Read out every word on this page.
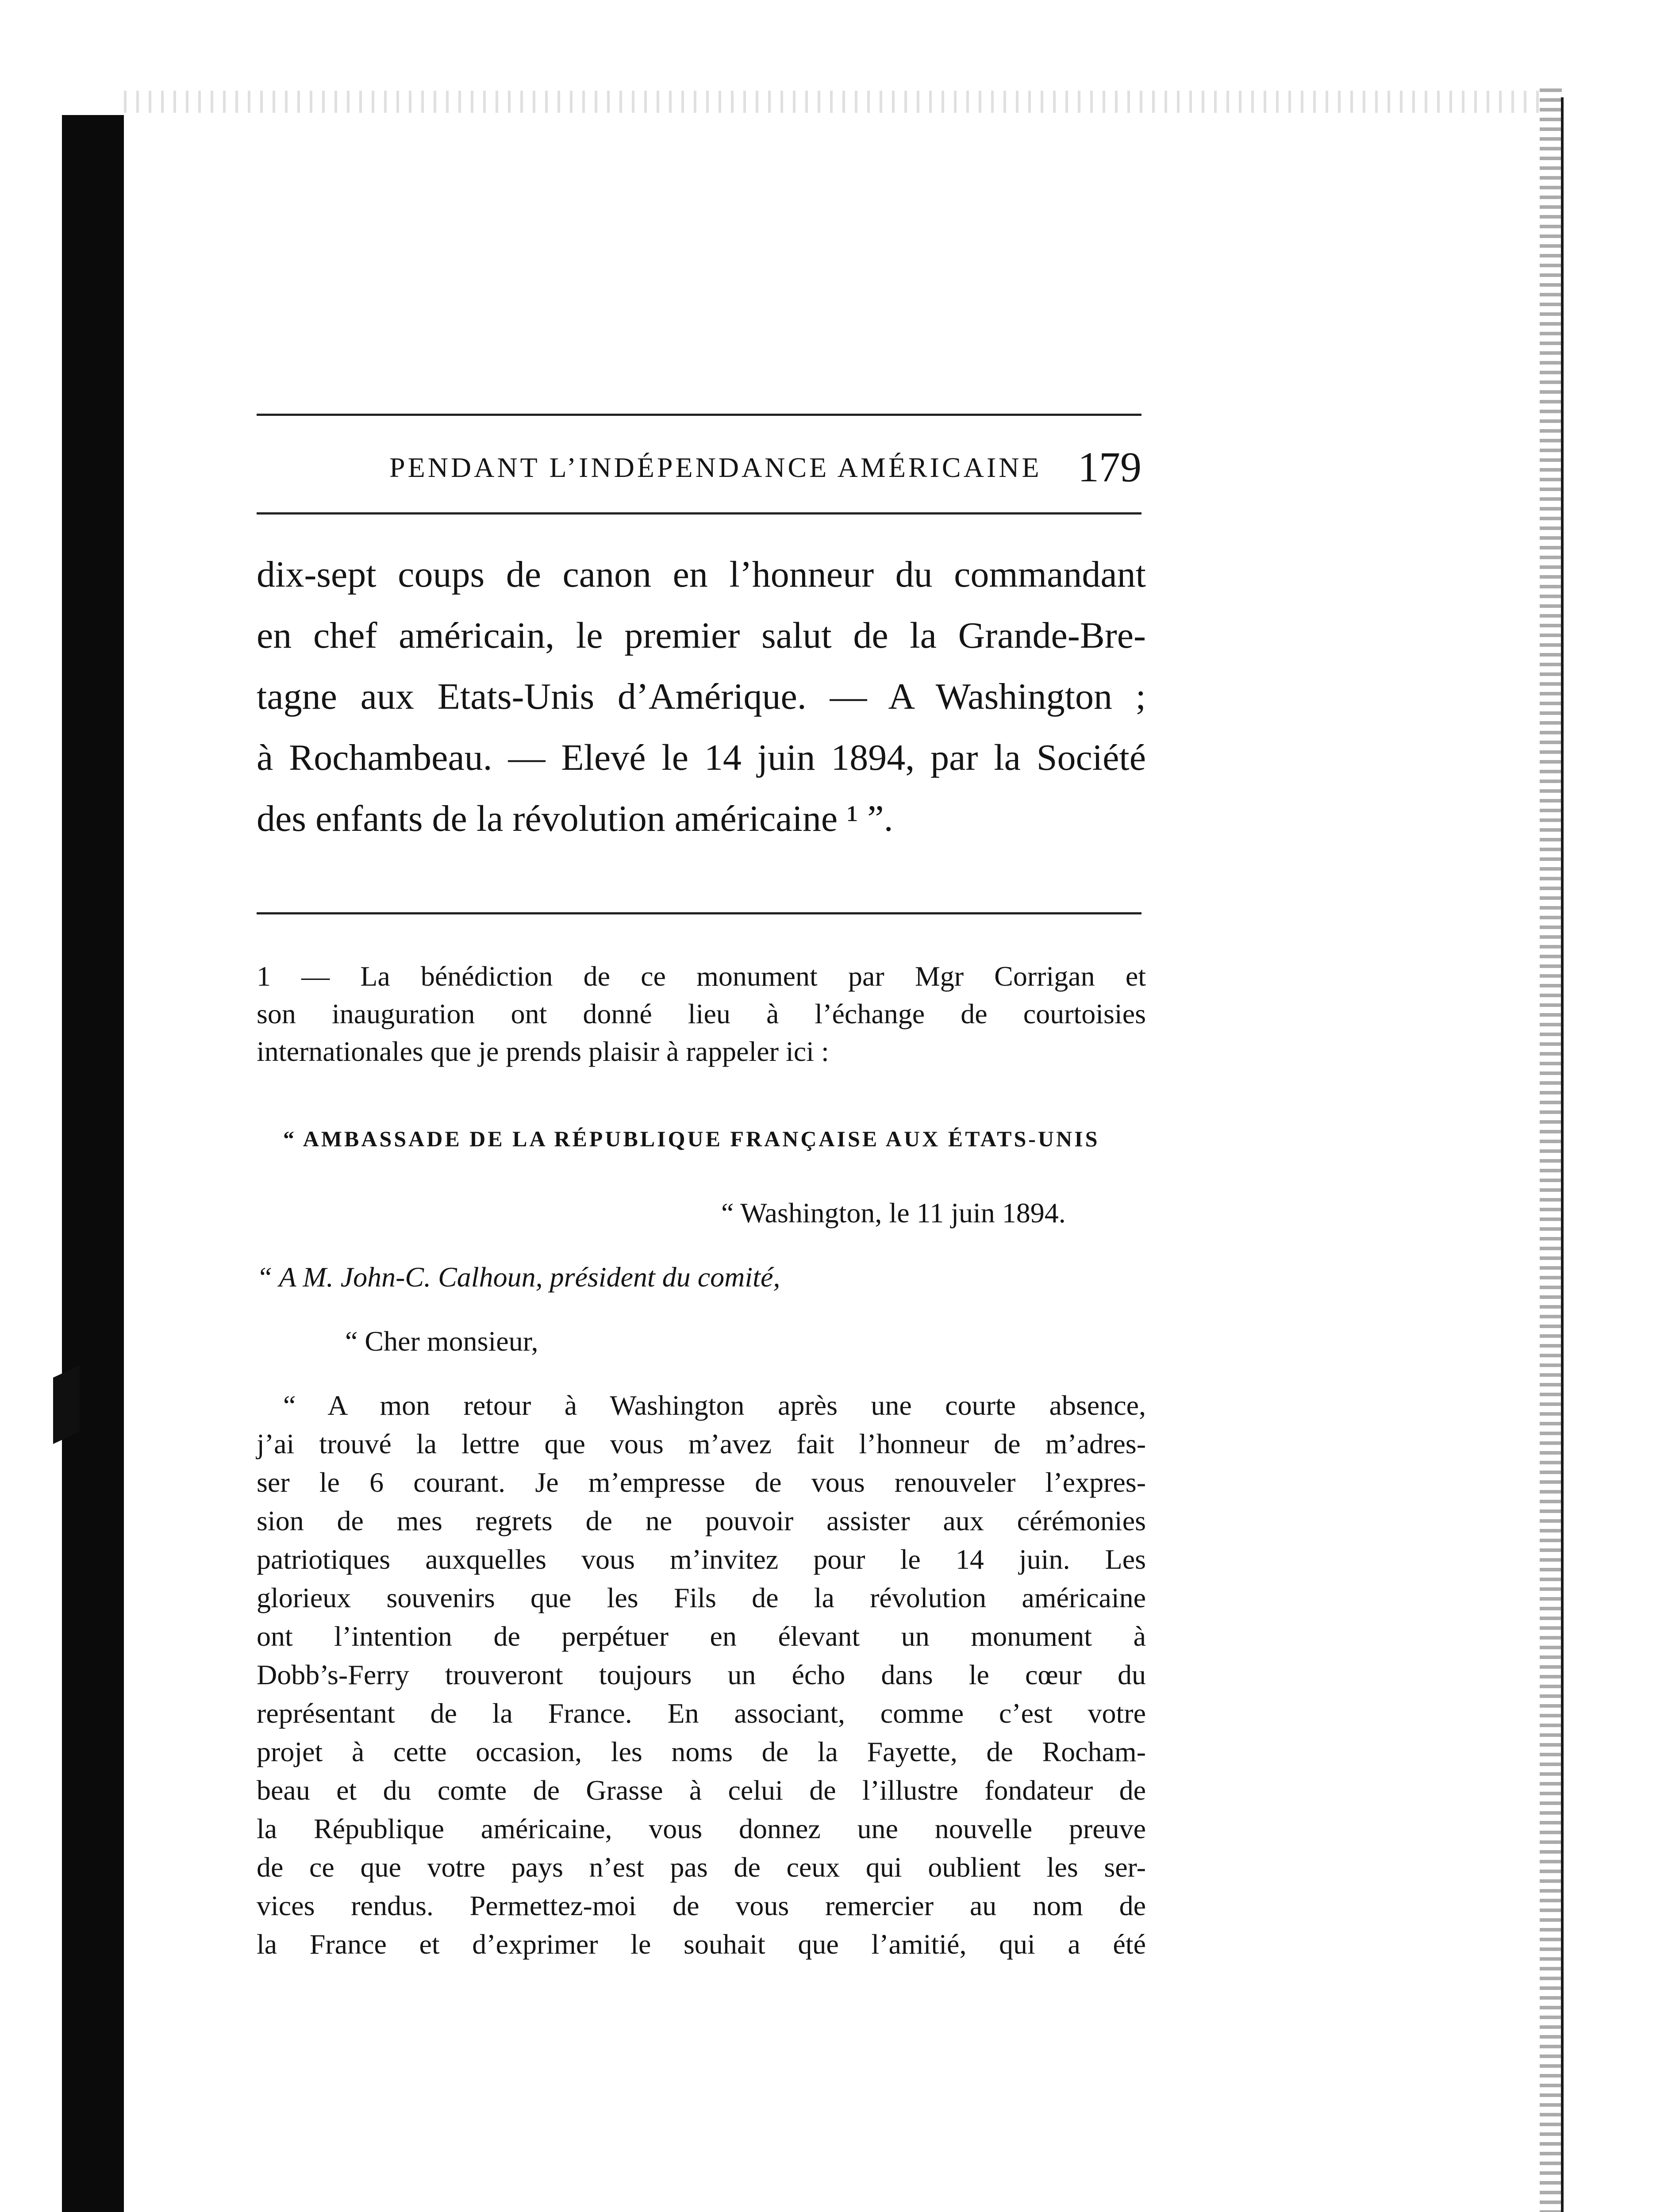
PENDANT L’INDÉPENDANCE AMÉRICAINE 179
dix-sept coups de canon en l’honneur du commandant
en chef américain, le premier salut de la Grande-Bre-
tagne aux Etats-Unis d’Amérique. — A Washington ;
à Rochambeau. — Elevé le 14 juin 1894, par la Société
des enfants de la révolution américaine ¹ ”.
1 — La bénédiction de ce monument par Mgr Corrigan et
son inauguration ont donné lieu à l’échange de courtoisies
internationales que je prends plaisir à rappeler ici :
“ AMBASSADE DE LA RÉPUBLIQUE FRANÇAISE AUX ÉTATS-UNIS
“ Washington, le 11 juin 1894.
“ A M. John-C. Calhoun, président du comité,
“ Cher monsieur,
“ A mon retour à Washington après une courte absence,
j’ai trouvé la lettre que vous m’avez fait l’honneur de m’adres-
ser le 6 courant. Je m’empresse de vous renouveler l’expres-
sion de mes regrets de ne pouvoir assister aux cérémonies
patriotiques auxquelles vous m’invitez pour le 14 juin. Les
glorieux souvenirs que les Fils de la révolution américaine
ont l’intention de perpétuer en élevant un monument à
Dobb’s-Ferry trouveront toujours un écho dans le cœur du
représentant de la France. En associant, comme c’est votre
projet à cette occasion, les noms de la Fayette, de Rocham-
beau et du comte de Grasse à celui de l’illustre fondateur de
la République américaine, vous donnez une nouvelle preuve
de ce que votre pays n’est pas de ceux qui oublient les ser-
vices rendus. Permettez-moi de vous remercier au nom de
la France et d’exprimer le souhait que l’amitié, qui a été
